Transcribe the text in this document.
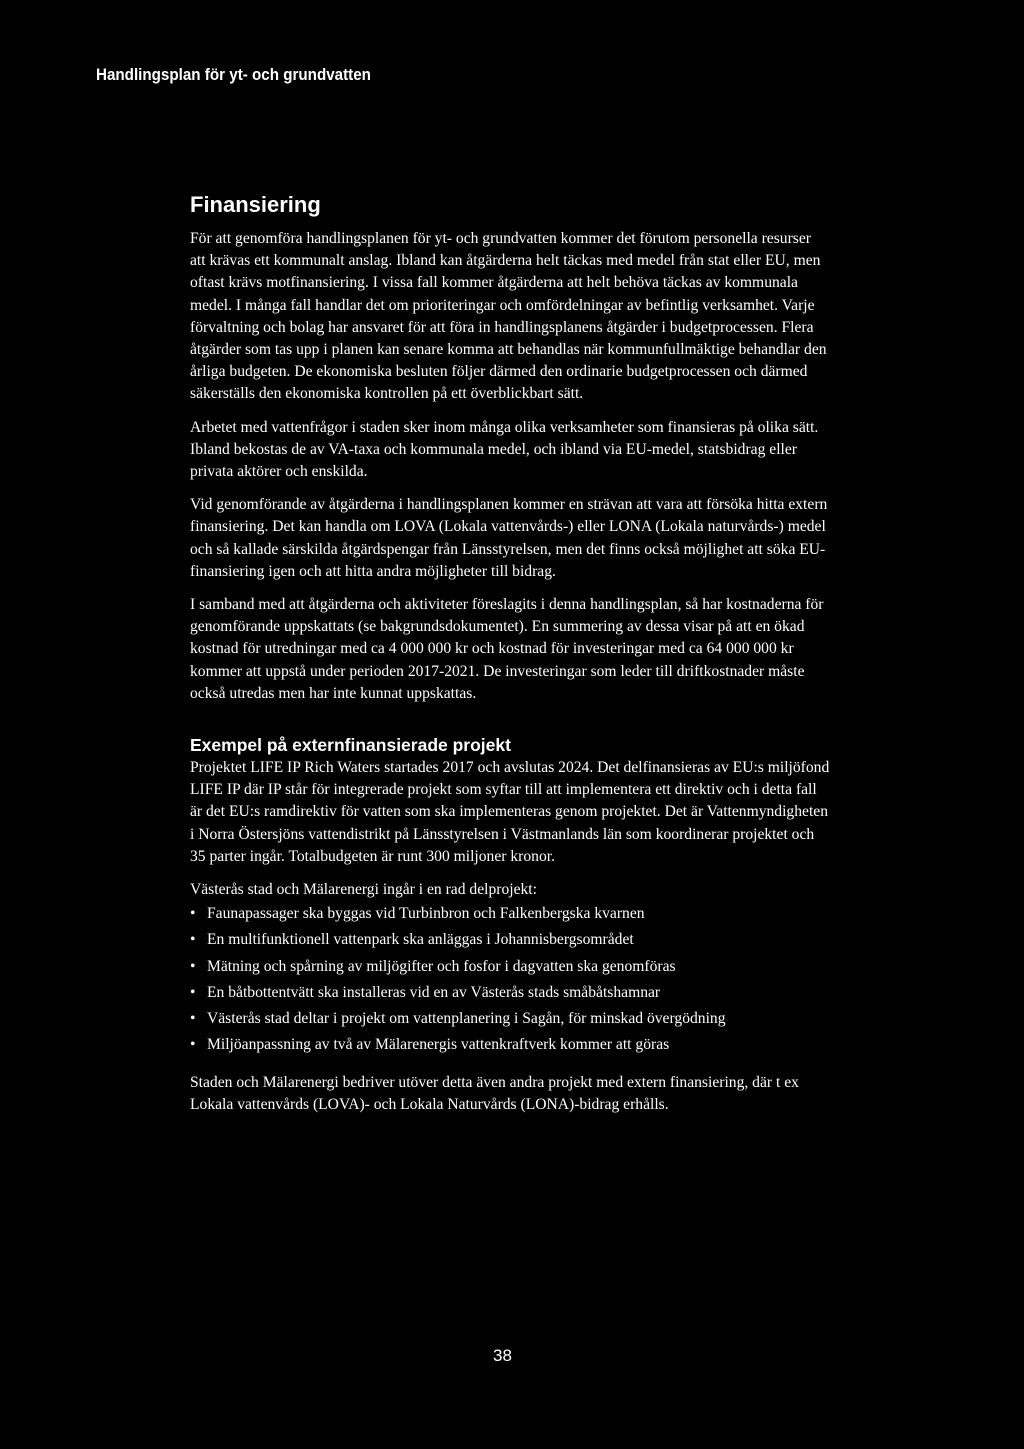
Handlingsplan för yt- och grundvatten
Finansiering

För att genomföra handlingsplanen för yt- och grundvatten kommer det förutom personella resurser att krävas ett kommunalt anslag. Ibland kan åtgärderna helt täckas med medel från stat eller EU, men oftast krävs motfinansiering. I vissa fall kommer åtgärderna att helt behöva täckas av kommunala medel. I många fall handlar det om prioriteringar och omfördelningar av befintlig verksamhet. Varje förvaltning och bolag har ansvaret för att föra in handlingsplanens åtgärder i budgetprocessen. Flera åtgärder som tas upp i planen kan senare komma att behandlas när kommunfullmäktige behandlar den årliga budgeten. De ekonomiska besluten följer därmed den ordinarie budgetprocessen och därmed säkerställs den ekonomiska kontrollen på ett överblickbart sätt.

Arbetet med vattenfrågor i staden sker inom många olika verksamheter som finansieras på olika sätt. Ibland bekostas de av VA-taxa och kommunala medel, och ibland via EU-medel, statsbidrag eller privata aktörer och enskilda.

Vid genomförande av åtgärderna i handlingsplanen kommer en strävan att vara att försöka hitta extern finansiering. Det kan handla om LOVA (Lokala vattenvårds-) eller LONA (Lokala naturvårds-) medel och så kallade särskilda åtgärdspengar från Länsstyrelsen, men det finns också möjlighet att söka EU-finansiering igen och att hitta andra möjligheter till bidrag.

I samband med att åtgärderna och aktiviteter föreslagits i denna handlingsplan, så har kostnaderna för genomförande uppskattats (se bakgrundsdokumentet). En summering av dessa visar på att en ökad kostnad för utredningar med ca 4 000 000 kr och kostnad för investeringar med ca 64 000 000 kr kommer att uppstå under perioden 2017-2021. De investeringar som leder till driftkostnader måste också utredas men har inte kunnat uppskattas.

Exempel på externfinansierade projekt

Projektet LIFE IP Rich Waters startades 2017 och avslutas 2024. Det delfinansieras av EU:s miljöfond LIFE IP där IP står för integrerade projekt som syftar till att implementera ett direktiv och i detta fall är det EU:s ramdirektiv för vatten som ska implementeras genom projektet. Det är Vattenmyndigheten i Norra Östersjöns vattendistrikt på Länsstyrelsen i Västmanlands län som koordinerar projektet och 35 parter ingår. Totalbudgeten är runt 300 miljoner kronor.

Västerås stad och Mälarenergi ingår i en rad delprojekt:

• Faunapassager ska byggas vid Turbinbron och Falkenbergska kvarnen
• En multifunktionell vattenpark ska anläggas i Johannisbergsområdet
• Mätning och spårning av miljögifter och fosfor i dagvatten ska genomföras
• En båtbottentvätt ska installeras vid en av Västerås stads småbåtshamnar
• Västerås stad deltar i projekt om vattenplanering i Sagån, för minskad övergödning
• Miljöanpassning av två av Mälarenergis vattenkraftverk kommer att göras

Staden och Mälarenergi bedriver utöver detta även andra projekt med extern finansiering, där t ex Lokala vattenvårds (LOVA)- och Lokala Naturvårds (LONA)-bidrag erhålls.

38
